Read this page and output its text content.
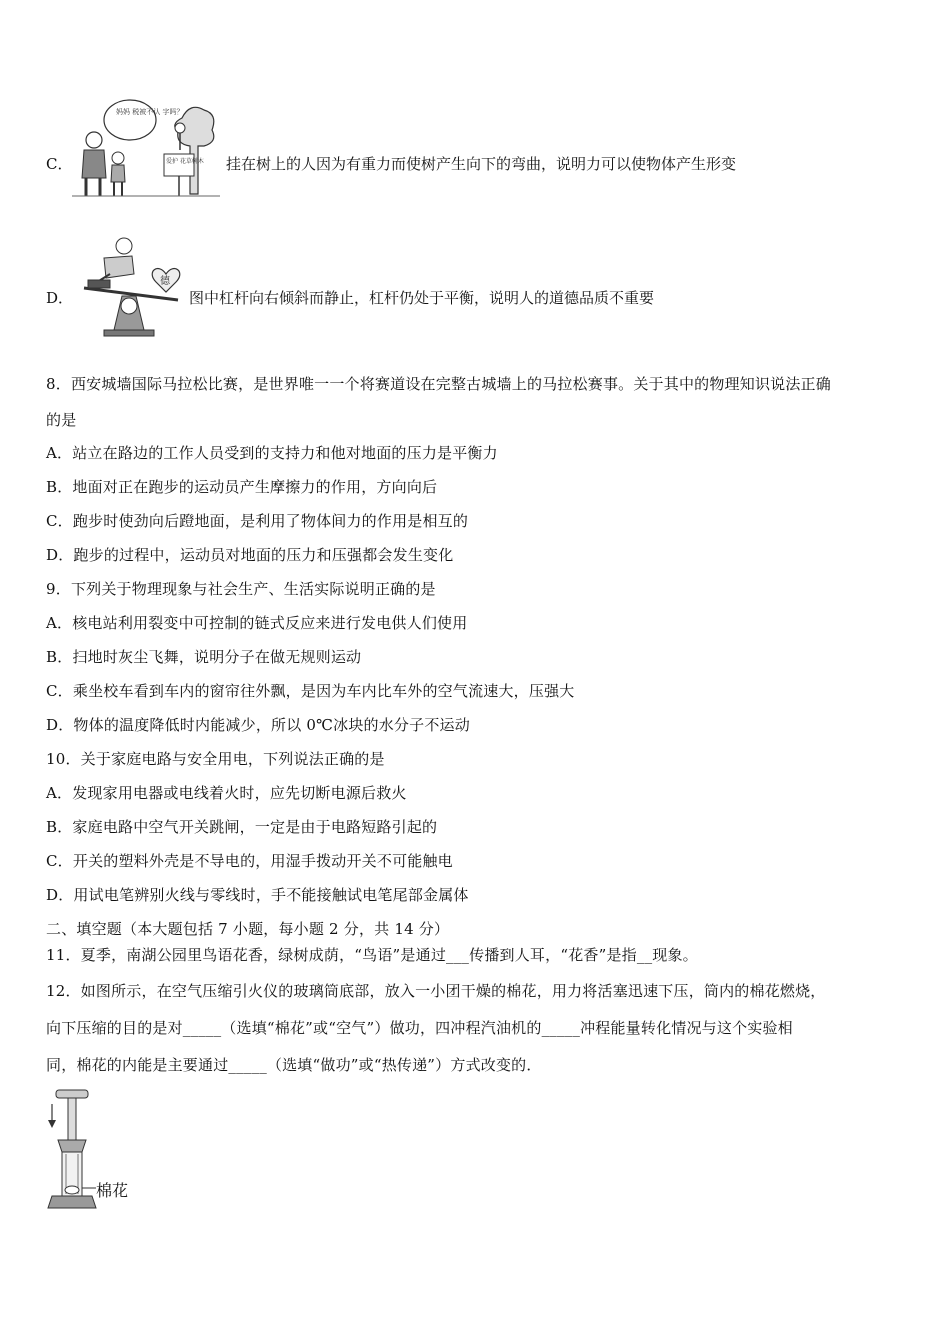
C．
妈妈 税被不认 字吗？
爱护 花草树木 挂在树上的人因为有重力而使树产生向下的弯曲，说明力可以使物体产生形变
D．
德
图中杠杆向右倾斜而静止，杠杆仍处于平衡，说明人的道德品质不重要
8．西安城墙国际马拉松比赛，是世界唯一一个将赛道设在完整古城墙上的马拉松赛事。关于其中的物理知识说法正确
的是
A．站立在路边的工作人员受到的支持力和他对地面的压力是平衡力
B．地面对正在跑步的运动员产生摩擦力的作用，方向向后
C．跑步时使劲向后蹬地面，是利用了物体间力的作用是相互的
D．跑步的过程中，运动员对地面的压力和压强都会发生变化
9．下列关于物理现象与社会生产、生活实际说明正确的是
A．核电站利用裂变中可控制的链式反应来进行发电供人们使用
B．扫地时灰尘飞舞，说明分子在做无规则运动
C．乘坐校车看到车内的窗帘往外飘，是因为车内比车外的空气流速大，压强大
D．物体的温度降低时内能减少，所以 0℃冰块的水分子不运动
10．关于家庭电路与安全用电，下列说法正确的是
A．发现家用电器或电线着火时，应先切断电源后救火
B．家庭电路中空气开关跳闸，一定是由于电路短路引起的
C．开关的塑料外壳是不导电的，用湿手拨动开关不可能触电
D．用试电笔辨别火线与零线时，手不能接触试电笔尾部金属体
二、填空题（本大题包括 7 小题，每小题 2 分，共 14 分）
11．夏季，南湖公园里鸟语花香，绿树成荫，“鸟语”是通过___传播到人耳，“花香”是指__现象。
12．如图所示，在空气压缩引火仪的玻璃筒底部，放入一小团干燥的棉花，用力将活塞迅速下压，筒内的棉花燃烧，
向下压缩的目的是对_____（选填“棉花”或“空气”）做功，四冲程汽油机的_____冲程能量转化情况与这个实验相
同，棉花的内能是主要通过_____（选填“做功”或“热传递”）方式改变的．
棉花
